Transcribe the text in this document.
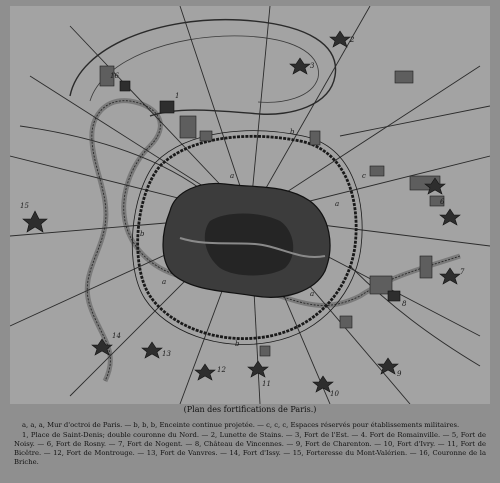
15
14
13
12
11
10
9
8
7
6
3
2
1
16
a
a
a
a
b
b
b
c
(Plan des fortifications de Paris.)

a, a, a, Mur d'octroi de Paris. — b, b, b, Enceinte continue projetée. — c, c, c, Espaces réservés pour établissements militaires.

1, Place de Saint-Denis; double couronne du Nord. — 2, Lunette de Stains. — 3, Fort de l'Est. — 4. Fort de Romainville. — 5, Fort de Noisy. — 6, Fort de Rosny. — 7, Fort de Nogent. — 8, Château de Vincennes. — 9, Fort de Charenton. — 10, Fort d'Ivry. — 11, Fort de Bicêtre. — 12, Fort de Montrouge. — 13, Fort de Vanvres. — 14, Fort d'Issy. — 15, Forteresse du Mont-Valérien. — 16, Couronne de la Briche.
